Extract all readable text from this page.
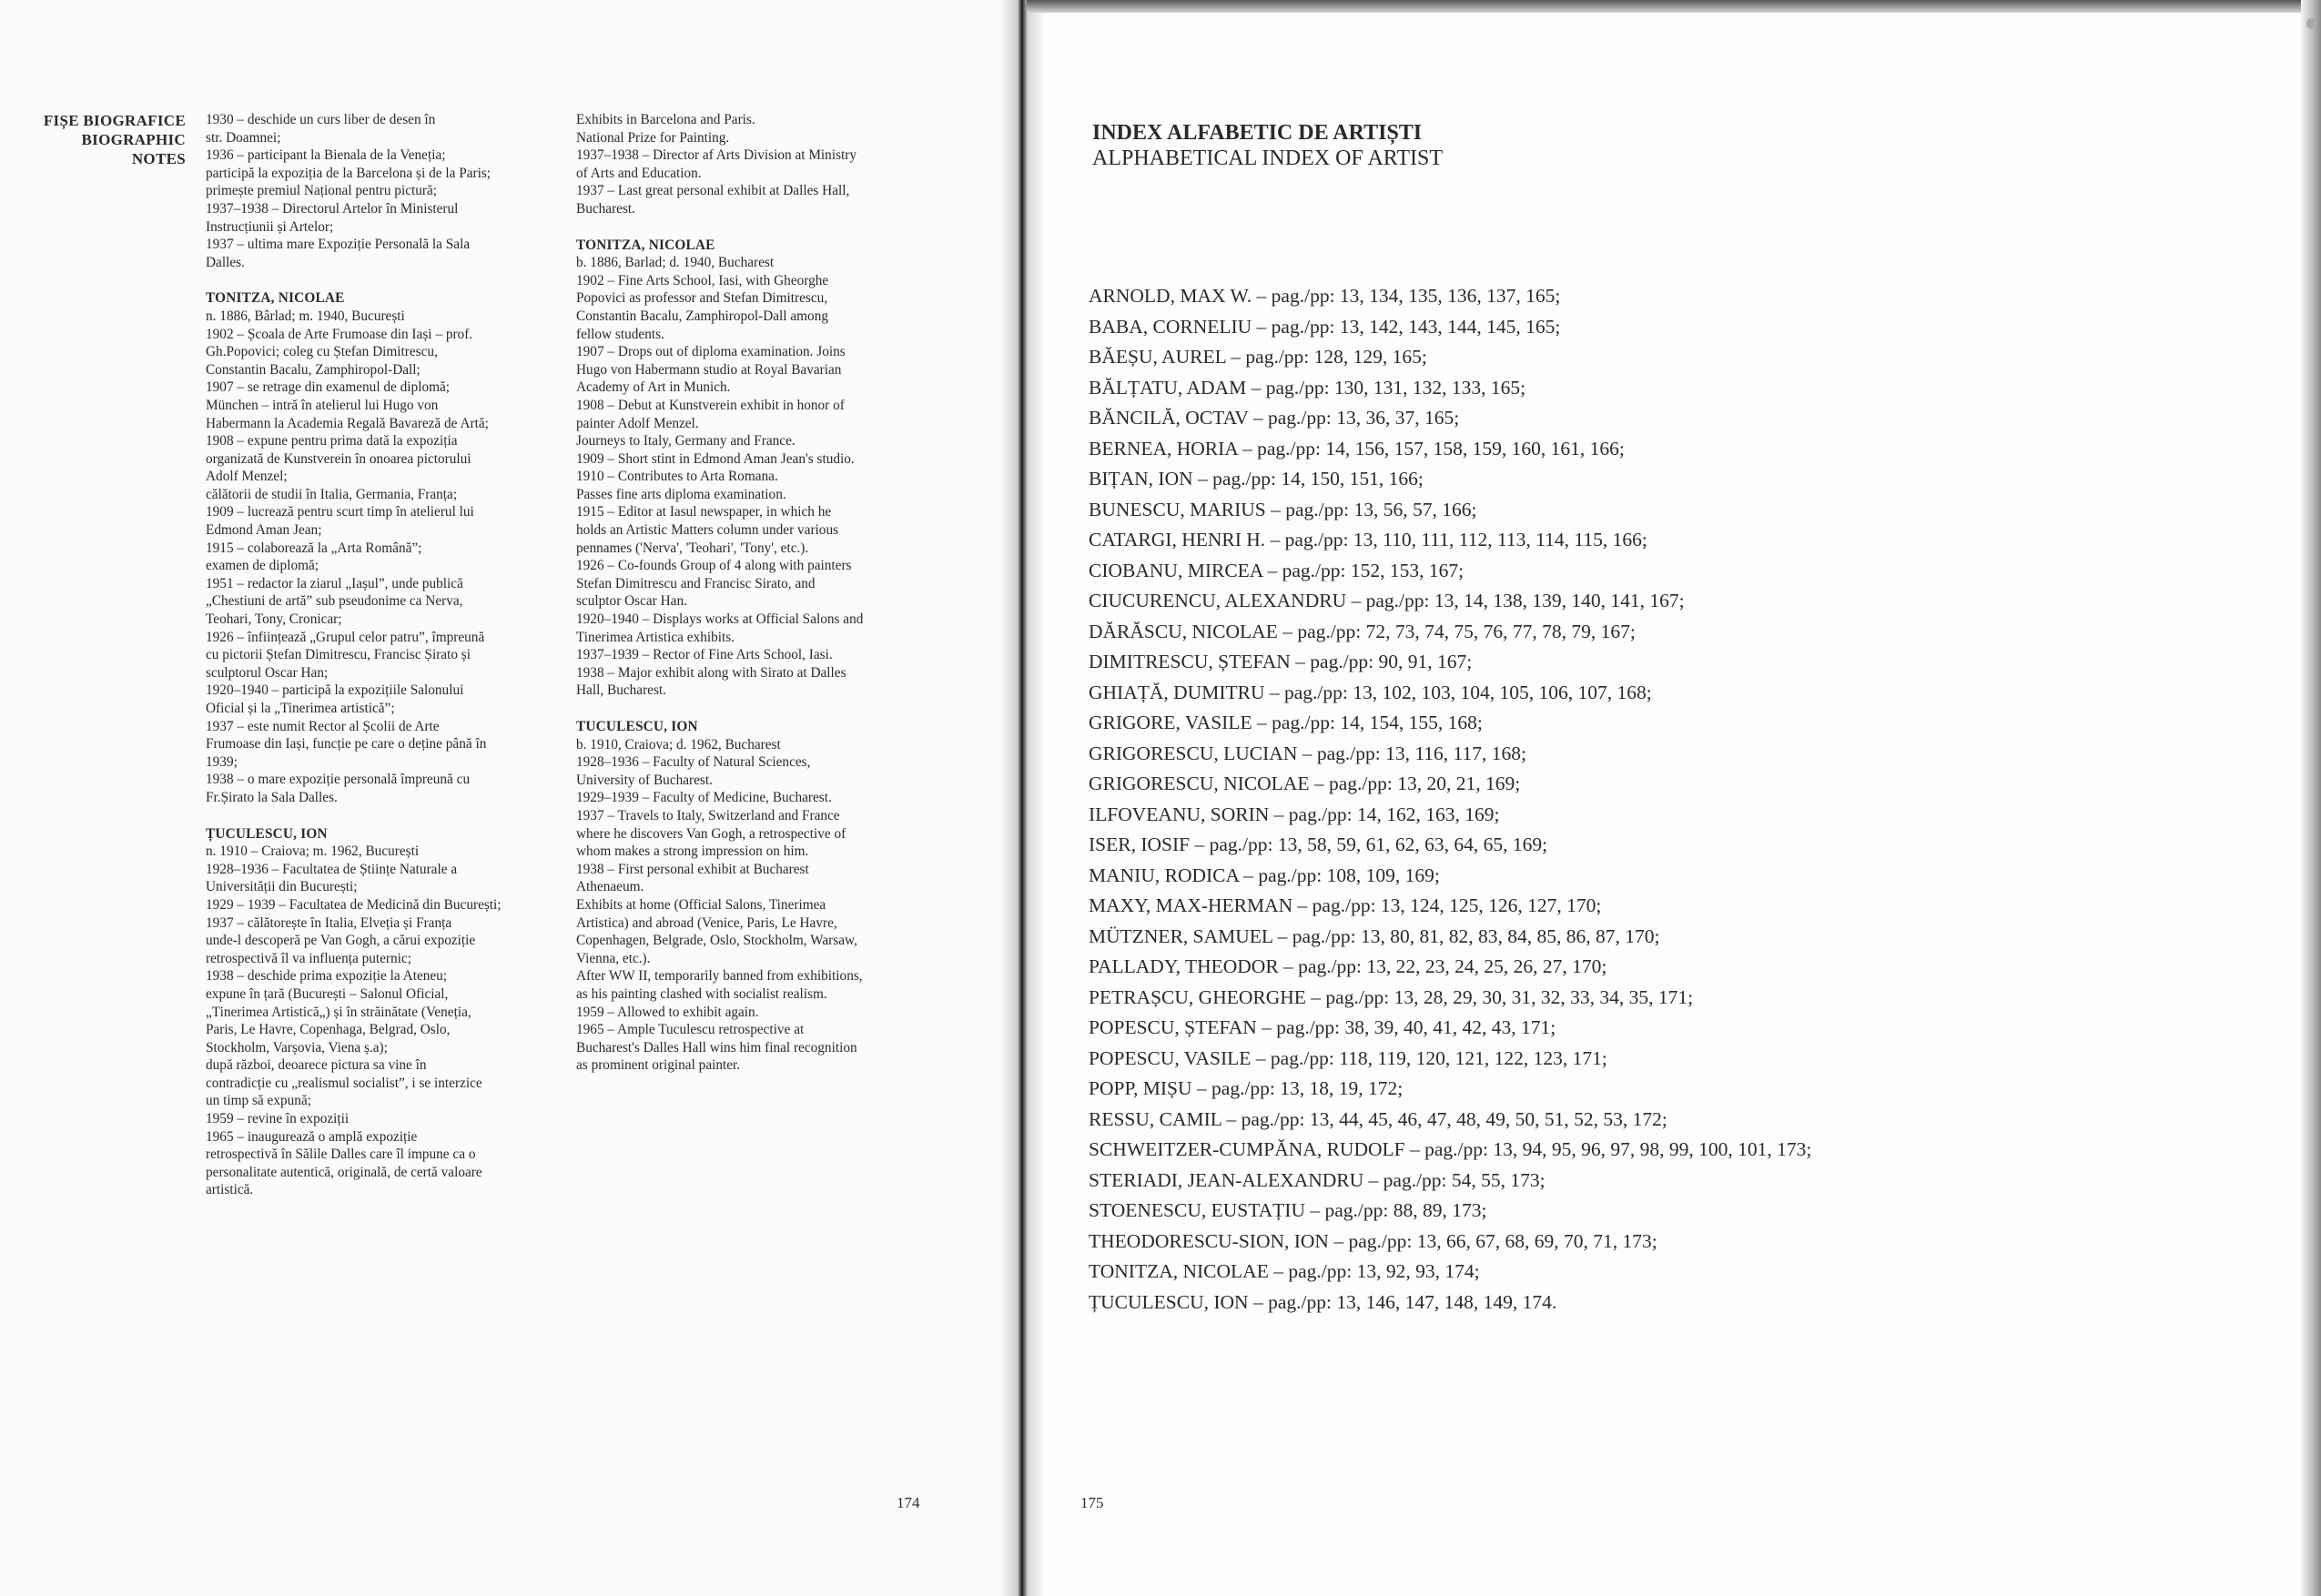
FIȘE BIOGRAFICE
BIOGRAPHIC NOTES

1930 – deschide un curs liber de desen în
str. Doamnei;
1936 – participant la Bienala de la Veneția;
participă la expoziția de la Barcelona și de la Paris;
primește premiul Național pentru pictură;
1937–1938 – Directorul Artelor în Ministerul
Instrucțiunii și Artelor;
1937 – ultima mare Expoziție Personală la Sala
Dalles.

TONITZA, NICOLAE

n. 1886, Bârlad; m. 1940, București
1902 – Școala de Arte Frumoase din Iași – prof.
Gh.Popovici; coleg cu Ștefan Dimitrescu,
Constantin Bacalu, Zamphiropol-Dall;
1907 – se retrage din examenul de diplomă;
München – intră în atelierul lui Hugo von
Habermann la Academia Regală Bavareză de Artă;
1908 – expune pentru prima dată la expoziția
organizată de Kunstverein în onoarea pictorului
Adolf Menzel;
călătorii de studii în Italia, Germania, Franța;
1909 – lucrează pentru scurt timp în atelierul lui
Edmond Aman Jean;
1915 – colaborează la „Arta Română”;
examen de diplomă;
1951 – redactor la ziarul „Iașul”, unde publică
„Chestiuni de artă” sub pseudonime ca Nerva,
Teohari, Tony, Cronicar;
1926 – înființează „Grupul celor patru”, împreună
cu pictorii Ștefan Dimitrescu, Francisc Șirato și
sculptorul Oscar Han;
1920–1940 – participă la expozițiile Salonului
Oficial și la „Tinerimea artistică”;
1937 – este numit Rector al Școlii de Arte
Frumoase din Iași, funcție pe care o deține până în
1939;
1938 – o mare expoziție personală împreună cu
Fr.Șirato la Sala Dalles.

ȚUCULESCU, ION

n. 1910 – Craiova; m. 1962, București
1928–1936 – Facultatea de Științe Naturale a
Universității din București;
1929 – 1939 – Facultatea de Medicină din București;
1937 – călătorește în Italia, Elveția și Franța
unde-l descoperă pe Van Gogh, a cărui expoziție
retrospectivă îl va influența puternic;
1938 – deschide prima expoziție la Ateneu;
expune în țară (București – Salonul Oficial,
„Tinerimea Artistică„) și în străinătate (Veneția,
Paris, Le Havre, Copenhaga, Belgrad, Oslo,
Stockholm, Varșovia, Viena ș.a);
după război, deoarece pictura sa vine în
contradicție cu „realismul socialist”, i se interzice
un timp să expună;
1959 – revine în expoziții
1965 – inaugurează o amplă expoziție
retrospectivă în Sălile Dalles care îl impune ca o
personalitate autentică, originală, de certă valoare
artistică.

Exhibits in Barcelona and Paris.
National Prize for Painting.
1937–1938 – Director af Arts Division at Ministry
of Arts and Education.
1937 – Last great personal exhibit at Dalles Hall,
Bucharest.

TONITZA, NICOLAE

b. 1886, Barlad; d. 1940, Bucharest
1902 – Fine Arts School, Iasi, with Gheorghe
Popovici as professor and Stefan Dimitrescu,
Constantin Bacalu, Zamphiropol-Dall among
fellow students.
1907 – Drops out of diploma examination. Joins
Hugo von Habermann studio at Royal Bavarian
Academy of Art in Munich.
1908 – Debut at Kunstverein exhibit in honor of
painter Adolf Menzel.
Journeys to Italy, Germany and France.
1909 – Short stint in Edmond Aman Jean's studio.
1910 – Contributes to Arta Romana.
Passes fine arts diploma examination.
1915 – Editor at Iasul newspaper, in which he
holds an Artistic Matters column under various
pennames ('Nerva', 'Teohari', 'Tony', etc.).
1926 – Co-founds Group of 4 along with painters
Stefan Dimitrescu and Francisc Sirato, and
sculptor Oscar Han.
1920–1940 – Displays works at Official Salons and
Tinerimea Artistica exhibits.
1937–1939 – Rector of Fine Arts School, Iasi.
1938 – Major exhibit along with Sirato at Dalles
Hall, Bucharest.

TUCULESCU, ION

b. 1910, Craiova; d. 1962, Bucharest
1928–1936 – Faculty of Natural Sciences,
University of Bucharest.
1929–1939 – Faculty of Medicine, Bucharest.
1937 – Travels to Italy, Switzerland and France
where he discovers Van Gogh, a retrospective of
whom makes a strong impression on him.
1938 – First personal exhibit at Bucharest
Athenaeum.
Exhibits at home (Official Salons, Tinerimea
Artistica) and abroad (Venice, Paris, Le Havre,
Copenhagen, Belgrade, Oslo, Stockholm, Warsaw,
Vienna, etc.).
After WW II, temporarily banned from exhibitions,
as his painting clashed with socialist realism.
1959 – Allowed to exhibit again.
1965 – Ample Tuculescu retrospective at
Bucharest's Dalles Hall wins him final recognition
as prominent original painter.

174
INDEX ALFABETIC DE ARTIȘTI
ALPHABETICAL INDEX OF ARTIST
ARNOLD, MAX W. – pag./pp: 13, 134, 135, 136, 137, 165;
BABA, CORNELIU – pag./pp: 13, 142, 143, 144, 145, 165;
BĂEȘU, AUREL – pag./pp: 128, 129, 165;
BĂLȚATU, ADAM – pag./pp: 130, 131, 132, 133, 165;
BĂNCILĂ, OCTAV – pag./pp: 13, 36, 37, 165;
BERNEA, HORIA – pag./pp: 14, 156, 157, 158, 159, 160, 161, 166;
BIȚAN, ION – pag./pp: 14, 150, 151, 166;
BUNESCU, MARIUS – pag./pp: 13, 56, 57, 166;
CATARGI, HENRI H. – pag./pp: 13, 110, 111, 112, 113, 114, 115, 166;
CIOBANU, MIRCEA – pag./pp: 152, 153, 167;
CIUCURENCU, ALEXANDRU – pag./pp: 13, 14, 138, 139, 140, 141, 167;
DĂRĂSCU, NICOLAE – pag./pp: 72, 73, 74, 75, 76, 77, 78, 79, 167;
DIMITRESCU, ȘTEFAN – pag./pp: 90, 91, 167;
GHIAȚĂ, DUMITRU – pag./pp: 13, 102, 103, 104, 105, 106, 107, 168;
GRIGORE, VASILE – pag./pp: 14, 154, 155, 168;
GRIGORESCU, LUCIAN – pag./pp: 13, 116, 117, 168;
GRIGORESCU, NICOLAE – pag./pp: 13, 20, 21, 169;
ILFOVEANU, SORIN – pag./pp: 14, 162, 163, 169;
ISER, IOSIF – pag./pp: 13, 58, 59, 61, 62, 63, 64, 65, 169;
MANIU, RODICA – pag./pp: 108, 109, 169;
MAXY, MAX-HERMAN – pag./pp: 13, 124, 125, 126, 127, 170;
MÜTZNER, SAMUEL – pag./pp: 13, 80, 81, 82, 83, 84, 85, 86, 87, 170;
PALLADY, THEODOR – pag./pp: 13, 22, 23, 24, 25, 26, 27, 170;
PETRAȘCU, GHEORGHE – pag./pp: 13, 28, 29, 30, 31, 32, 33, 34, 35, 171;
POPESCU, ȘTEFAN – pag./pp: 38, 39, 40, 41, 42, 43, 171;
POPESCU, VASILE – pag./pp: 118, 119, 120, 121, 122, 123, 171;
POPP, MIȘU – pag./pp: 13, 18, 19, 172;
RESSU, CAMIL – pag./pp: 13, 44, 45, 46, 47, 48, 49, 50, 51, 52, 53, 172;
SCHWEITZER-CUMPĂNA, RUDOLF – pag./pp: 13, 94, 95, 96, 97, 98, 99, 100, 101, 173;
STERIADI, JEAN-ALEXANDRU – pag./pp: 54, 55, 173;
STOENESCU, EUSTAȚIU – pag./pp: 88, 89, 173;
THEODORESCU-SION, ION – pag./pp: 13, 66, 67, 68, 69, 70, 71, 173;
TONITZA, NICOLAE – pag./pp: 13, 92, 93, 174;
ȚUCULESCU, ION – pag./pp: 13, 146, 147, 148, 149, 174.
175
